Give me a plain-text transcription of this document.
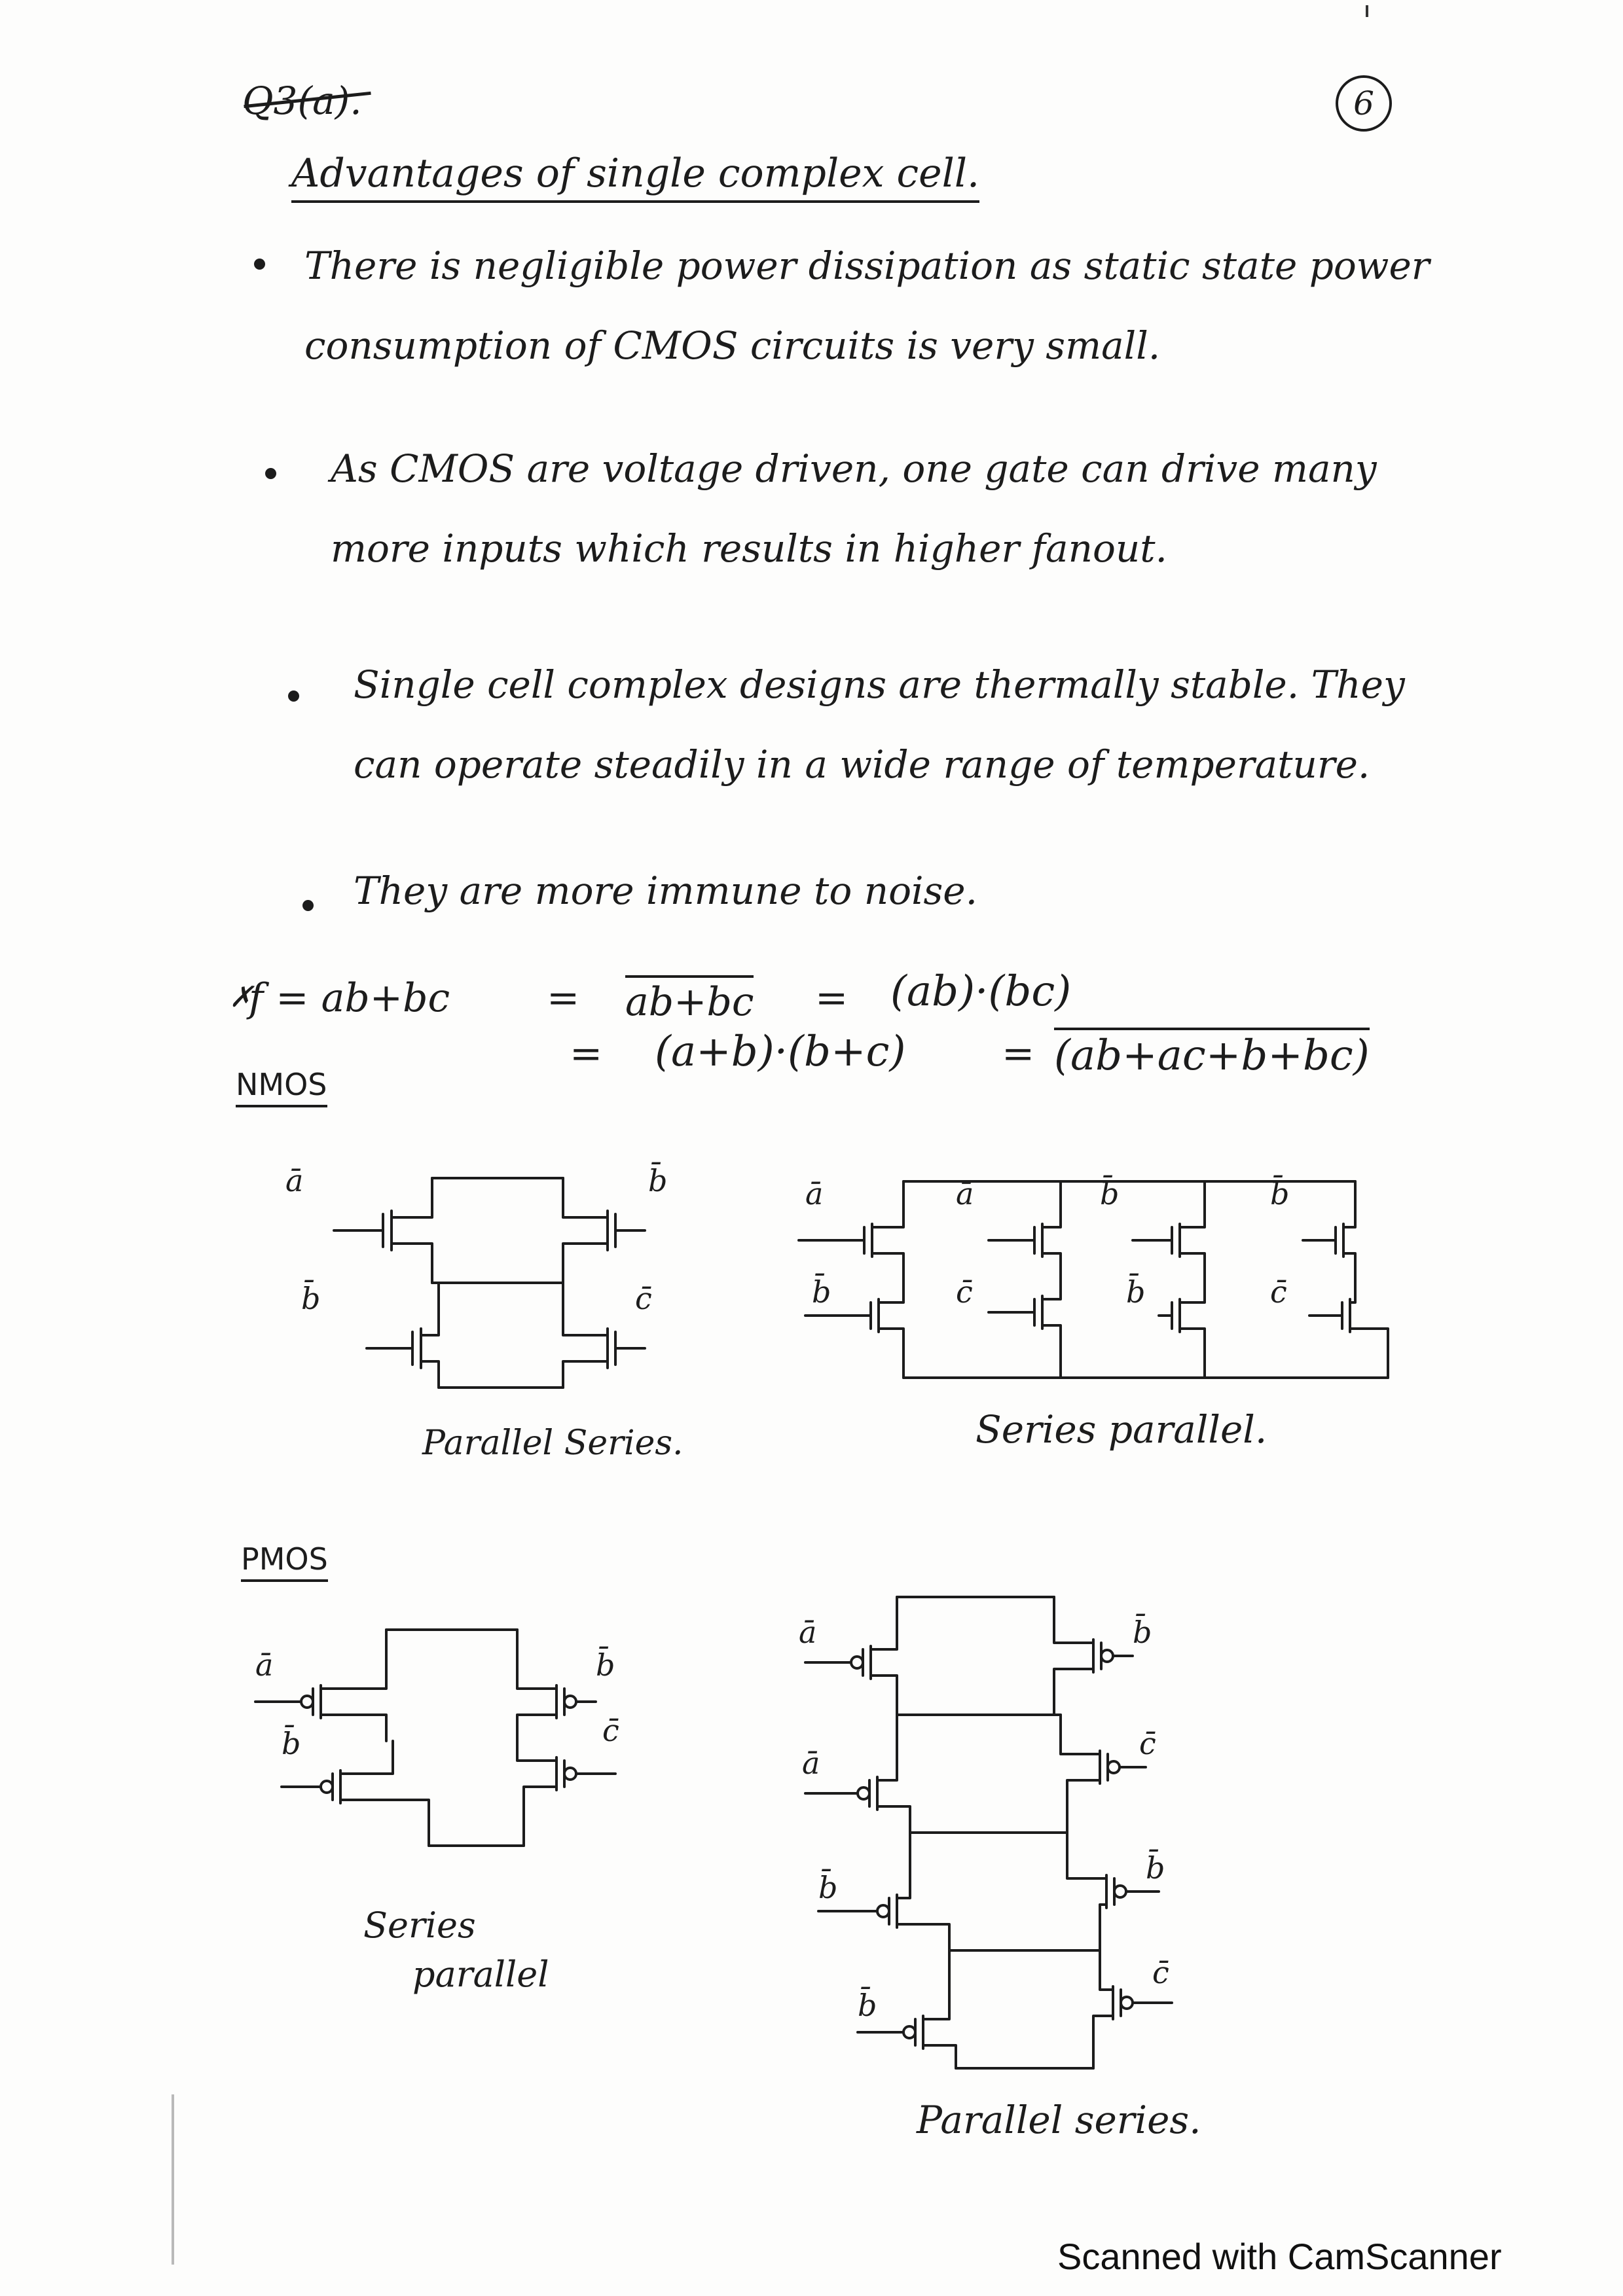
Q3(a).	6
Advantages of single complex cell.
There is negligible power dissipation as static state power consumption of CMOS circuits is very small.
As CMOS are voltage driven, one gate can drive many more inputs which results in higher fanout.
Single cell complex designs are thermally stable. They can operate steadily in a wide range of temperature.
They are more immune to noise.
✗
f = ab+bc = ab+bc = (ab)·(bc)
= (a+b)·(b+c) = (ab+ac+b+bc)
NMOS
ā
b̄
b̄
c̄
Parallel Series.
ā
b̄
ā
c̄
b̄
b̄
b̄
c̄
Series parallel.
PMOS
ā
b̄
b̄
c̄
Series
parallel
ā
ā
b̄
b̄
b̄
c̄
b̄
c̄
Parallel series.
Scanned with CamScanner
